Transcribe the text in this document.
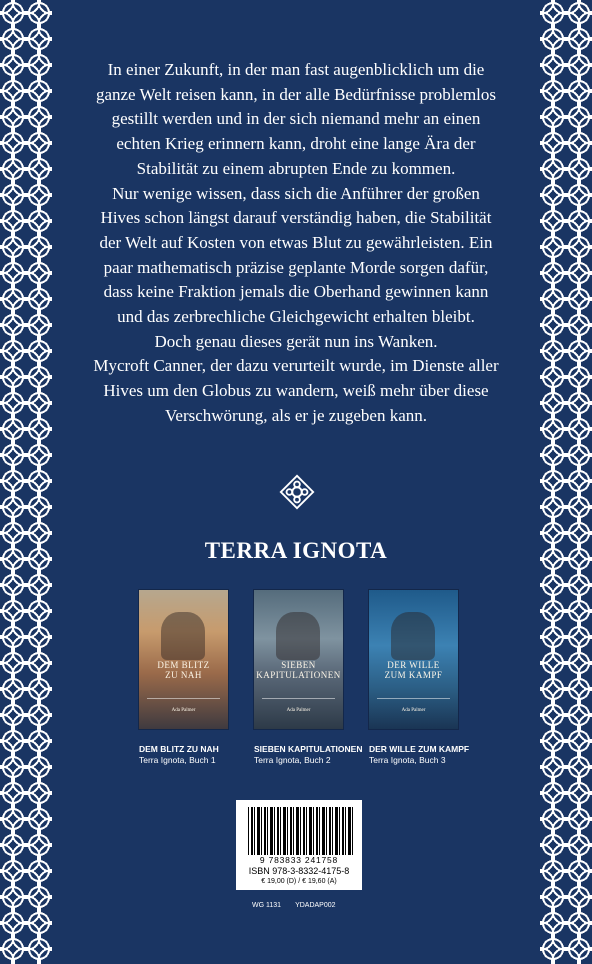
In einer Zukunft, in der man fast augenblicklich um die
ganze Welt reisen kann, in der alle Bedürfnisse problemlos
gestillt werden und in der sich niemand mehr an einen
echten Krieg erinnern kann, droht eine lange Ära der
Stabilität zu einem abrupten Ende zu kommen.
Nur wenige wissen, dass sich die Anführer der großen
Hives schon längst darauf verständig haben, die Stabilität
der Welt auf Kosten von etwas Blut zu gewährleisten. Ein
paar mathematisch präzise geplante Morde sorgen dafür,
dass keine Fraktion jemals die Oberhand gewinnen kann
und das zerbrechliche Gleichgewicht erhalten bleibt.
Doch genau dieses gerät nun ins Wanken.
Mycroft Canner, der dazu verurteilt wurde, im Dienste aller
Hives um den Globus zu wandern, weiß mehr über diese
Verschwörung, als er je zugeben kann.

TERRA IGNOTA
DEM BLITZ
ZU NAH
Ada Palmer
DEM BLITZ ZU NAH
Terra Ignota, Buch 1
SIEBEN
KAPITULATIONEN
Ada Palmer
SIEBEN KAPITULATIONEN
Terra Ignota, Buch 2
DER WILLE
ZUM KAMPF
Ada Palmer
DER WILLE ZUM KAMPF
Terra Ignota, Buch 3
9 783833 241758
ISBN 978-3-8332-4175-8
€ 19,00 (D) / € 19,60 (A)
WG 1131 YDADAP002
